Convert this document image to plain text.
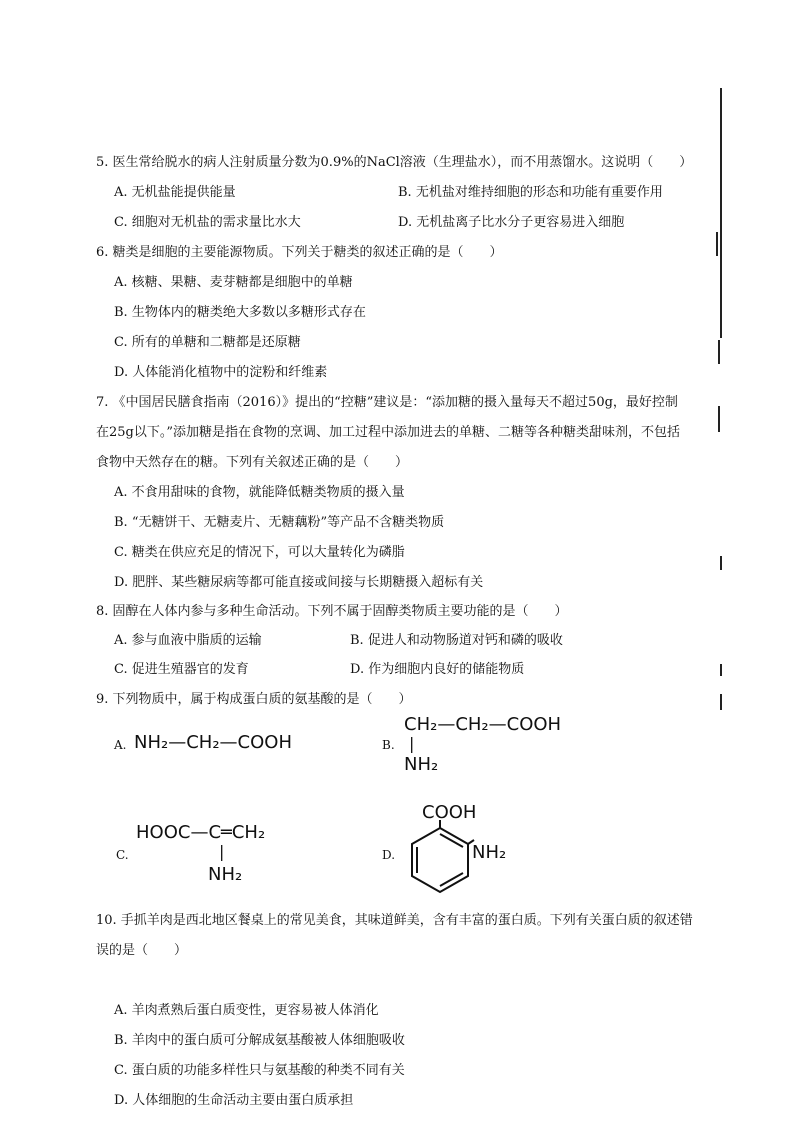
5. 医生常给脱水的病人注射质量分数为0.9%的NaCl溶液（生理盐水），而不用蒸馏水。这说明（　　）
A. 无机盐能提供能量	B. 无机盐对维持细胞的形态和功能有重要作用
C. 细胞对无机盐的需求量比水大	D. 无机盐离子比水分子更容易进入细胞
6. 糖类是细胞的主要能源物质。下列关于糖类的叙述正确的是（　　）
A. 核糖、果糖、麦芽糖都是细胞中的单糖
B. 生物体内的糖类绝大多数以多糖形式存在
C. 所有的单糖和二糖都是还原糖
D. 人体能消化植物中的淀粉和纤维素
7. 《中国居民膳食指南（2016）》提出的“控糖”建议是：“添加糖的摄入量每天不超过50g，最好控制
在25g以下。”添加糖是指在食物的烹调、加工过程中添加进去的单糖、二糖等各种糖类甜味剂，不包括
食物中天然存在的糖。下列有关叙述正确的是（　　）
A. 不食用甜味的食物，就能降低糖类物质的摄入量
B. “无糖饼干、无糖麦片、无糖藕粉”等产品不含糖类物质
C. 糖类在供应充足的情况下，可以大量转化为磷脂
D. 肥胖、某些糖尿病等都可能直接或间接与长期糖摄入超标有关
8. 固醇在人体内参与多种生命活动。下列不属于固醇类物质主要功能的是（　　）
A. 参与血液中脂质的运输	B. 促进人和动物肠道对钙和磷的吸收
C. 促进生殖器官的发育	D. 作为细胞内良好的储能物质
9. 下列物质中，属于构成蛋白质的氨基酸的是（　　）
A. NH₂—CH₂—COOH	B.
CH₂—CH₂—COOH
|
NH₂
C.
HOOC—C═CH₂
|
NH₂
D.
COOH
NH₂
10. 手抓羊肉是西北地区餐桌上的常见美食，其味道鲜美，含有丰富的蛋白质。下列有关蛋白质的叙述错
误的是（　　）
A. 羊肉煮熟后蛋白质变性，更容易被人体消化
B. 羊肉中的蛋白质可分解成氨基酸被人体细胞吸收
C. 蛋白质的功能多样性只与氨基酸的种类不同有关
D. 人体细胞的生命活动主要由蛋白质承担
